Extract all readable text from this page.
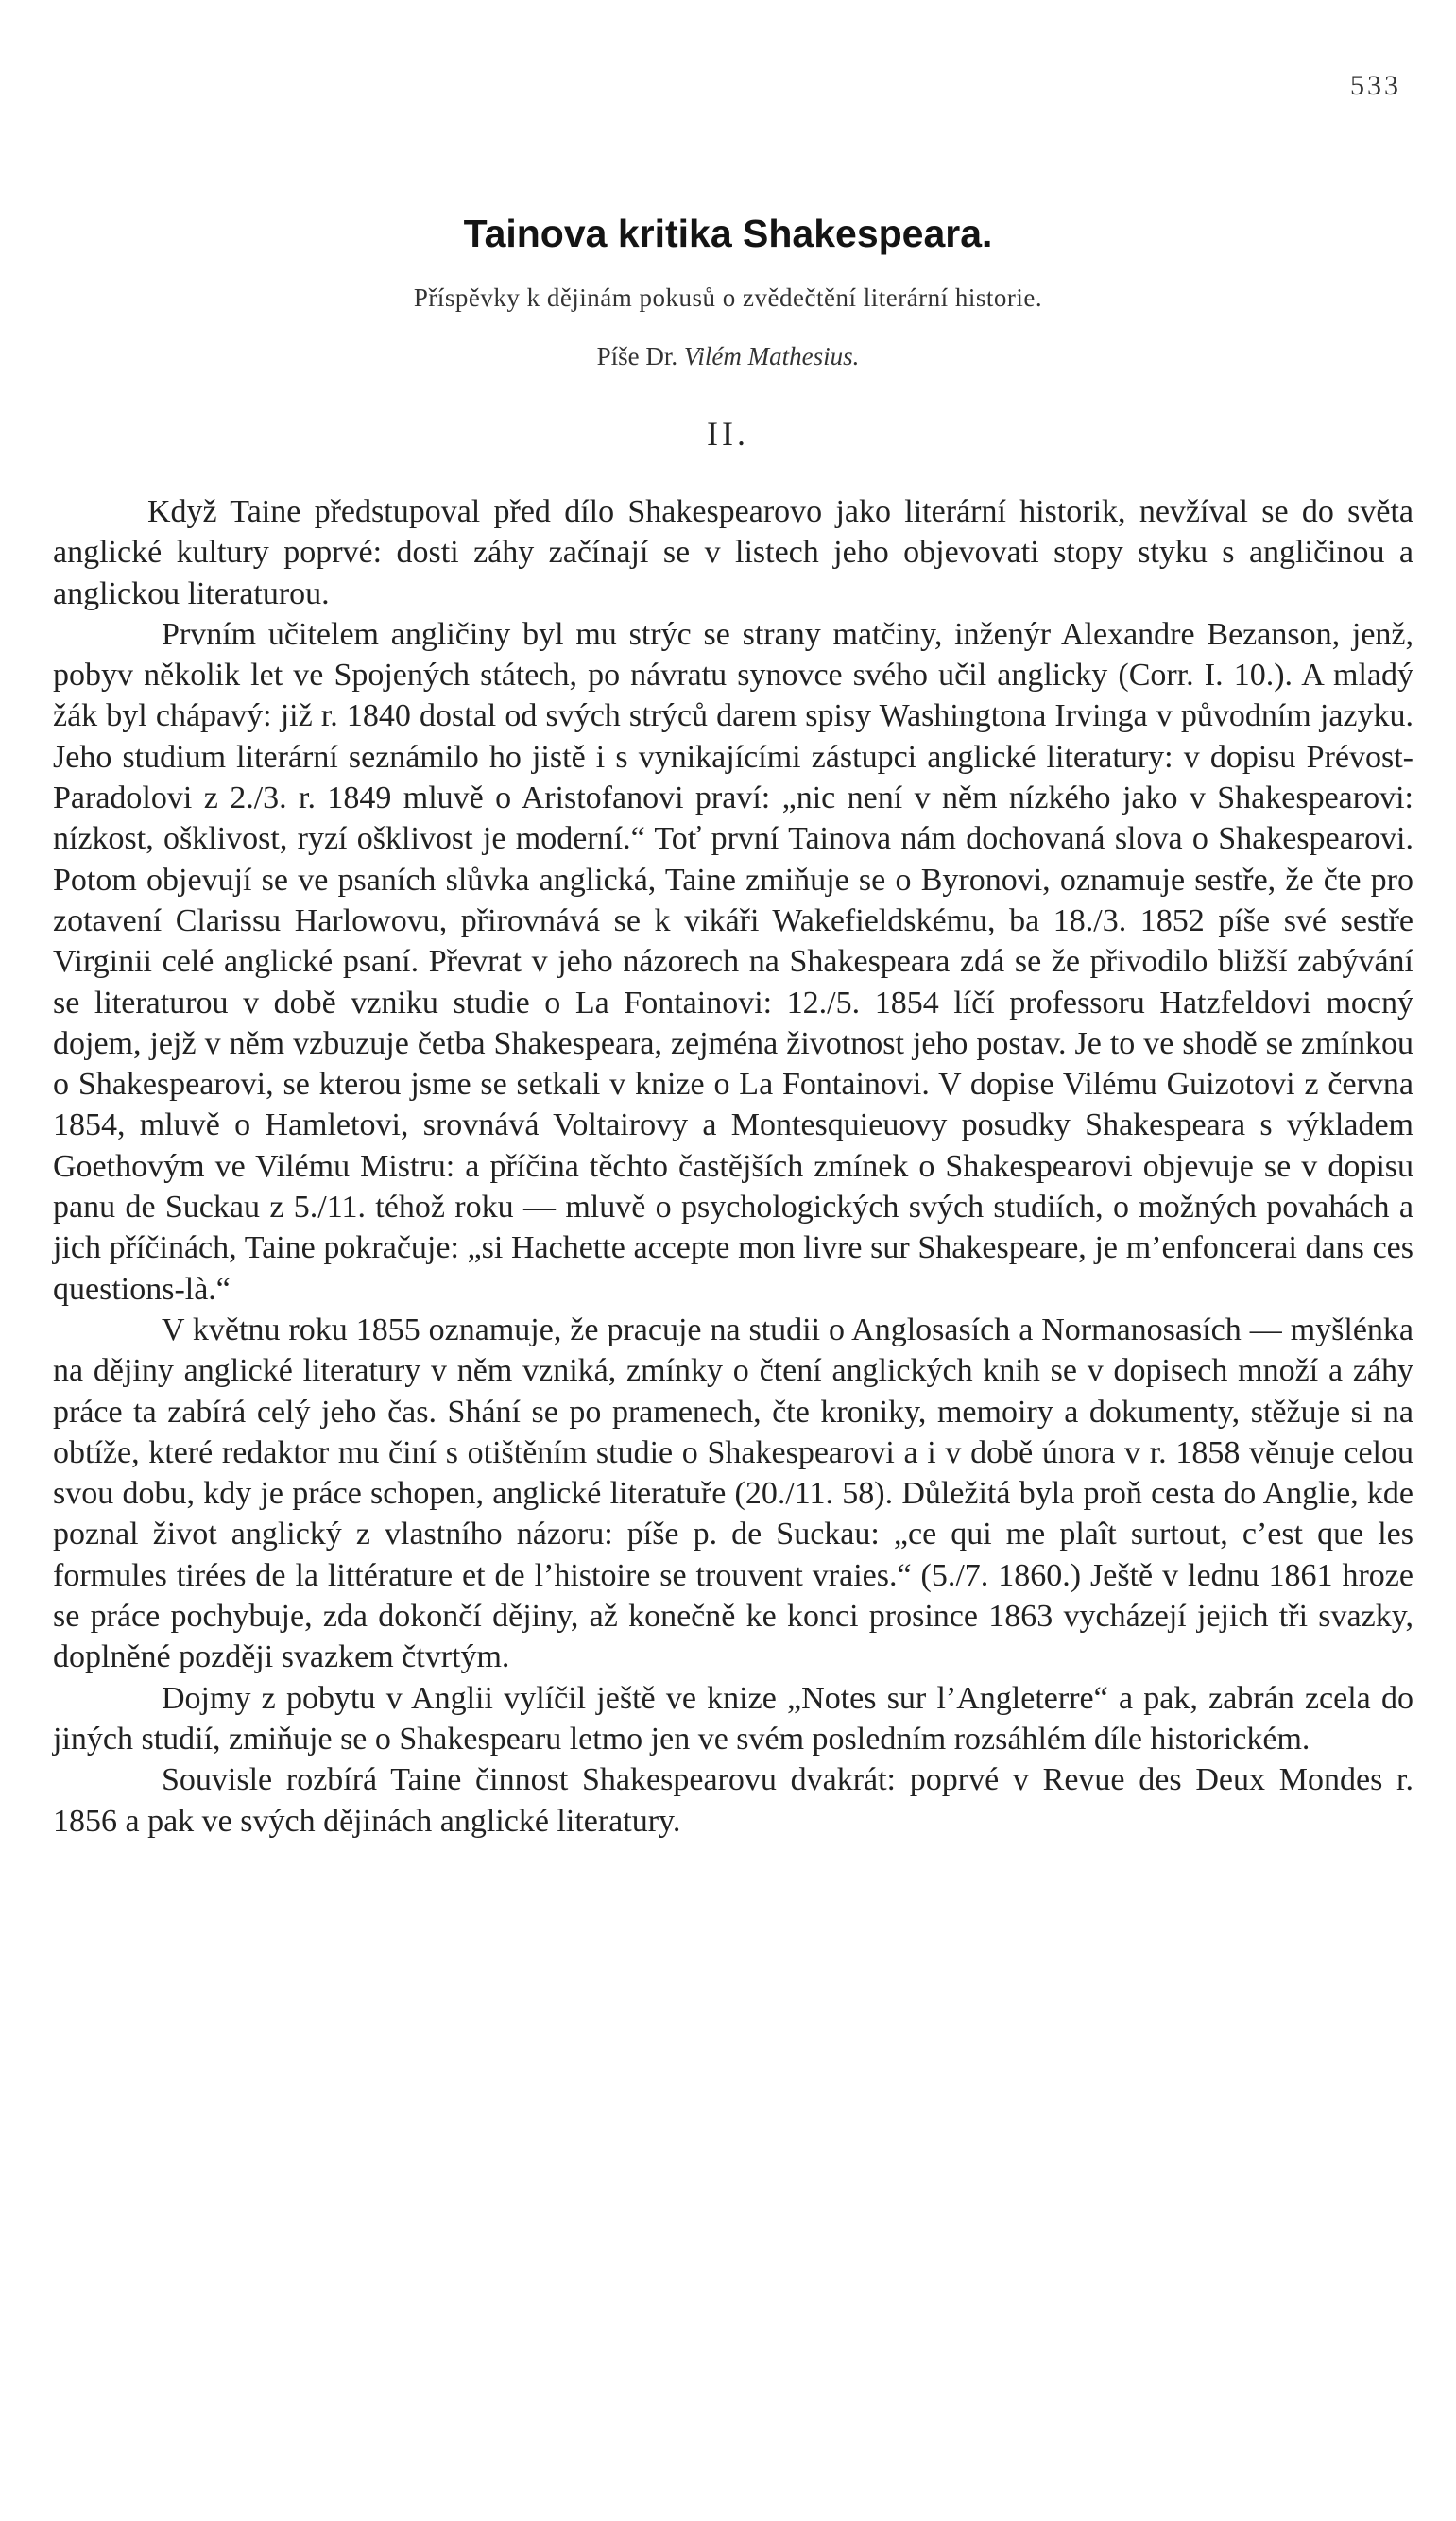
533
Tainova kritika Shakespeara.
Příspěvky k dějinám pokusů o zvědečtění literární historie.
Píše Dr. Vilém Mathesius.
II.

Když Taine předstupoval před dílo Shakespearovo jako literární historik, nevžíval se do světa anglické kultury poprvé: dosti záhy začínají se v listech jeho objevovati stopy styku s angličinou a anglickou literaturou.

Prvním učitelem angličiny byl mu strýc se strany matčiny, inženýr Alexandre Bezanson, jenž, pobyv několik let ve Spojených státech, po návratu synovce svého učil anglicky (Corr. I. 10.). A mladý žák byl chápavý: již r. 1840 dostal od svých strýců darem spisy Washingtona Irvinga v původním jazyku. Jeho studium literární seznámilo ho jistě i s vynikajícími zástupci anglické literatury: v dopisu Prévost-Paradolovi z 2./3. r. 1849 mluvě o Aristofanovi praví: „nic není v něm nízkého jako v Shakespearovi: nízkost, ošklivost, ryzí ošklivost je moderní.“ Toť první Tainova nám dochovaná slova o Shakespearovi. Potom objevují se ve psaních slůvka anglická, Taine zmiňuje se o Byronovi, oznamuje sestře, že čte pro zotavení Clarissu Harlowovu, přirovnává se k vikáři Wakefieldskému, ba 18./3. 1852 píše své sestře Virginii celé anglické psaní. Převrat v jeho názorech na Shakespeara zdá se že přivodilo bližší zabývání se literaturou v době vzniku studie o La Fontainovi: 12./5. 1854 líčí professoru Hatzfeldovi mocný dojem, jejž v něm vzbuzuje četba Shakespeara, zejména životnost jeho postav. Je to ve shodě se zmínkou o Shakespearovi, se kterou jsme se setkali v knize o La Fontainovi. V dopise Vilému Guizotovi z června 1854, mluvě o Hamletovi, srovnává Voltairovy a Montesquieuovy posudky Shakespeara s výkladem Goethovým ve Vilému Mistru: a příčina těchto častějších zmínek o Shakespearovi objevuje se v dopisu panu de Suckau z 5./11. téhož roku — mluvě o psychologických svých studiích, o možných povahách a jich příčinách, Taine pokračuje: „si Hachette accepte mon livre sur Shakespeare, je m’enfoncerai dans ces questions-là.“

V květnu roku 1855 oznamuje, že pracuje na studii o Anglosasích a Normanosasích — myšlénka na dějiny anglické literatury v něm vzniká, zmínky o čtení anglických knih se v dopisech množí a záhy práce ta zabírá celý jeho čas. Shání se po pramenech, čte kroniky, memoiry a dokumenty, stěžuje si na obtíže, které redaktor mu činí s otištěním studie o Shakespearovi a i v době února v r. 1858 věnuje celou svou dobu, kdy je práce schopen, anglické literatuře (20./11. 58). Důležitá byla proň cesta do Anglie, kde poznal život anglický z vlastního názoru: píše p. de Suckau: „ce qui me plaît surtout, c’est que les formules tirées de la littérature et de l’histoire se trouvent vraies.“ (5./7. 1860.) Ještě v lednu 1861 hroze se práce pochybuje, zda dokončí dějiny, až konečně ke konci prosince 1863 vycházejí jejich tři svazky, doplněné později svazkem čtvrtým.

Dojmy z pobytu v Anglii vylíčil ještě ve knize „Notes sur l’Angleterre“ a pak, zabrán zcela do jiných studií, zmiňuje se o Shakespearu letmo jen ve svém posledním rozsáhlém díle historickém.

Souvisle rozbírá Taine činnost Shakespearovu dvakrát: poprvé v Revue des Deux Mondes r. 1856 a pak ve svých dějinách anglické literatury.
